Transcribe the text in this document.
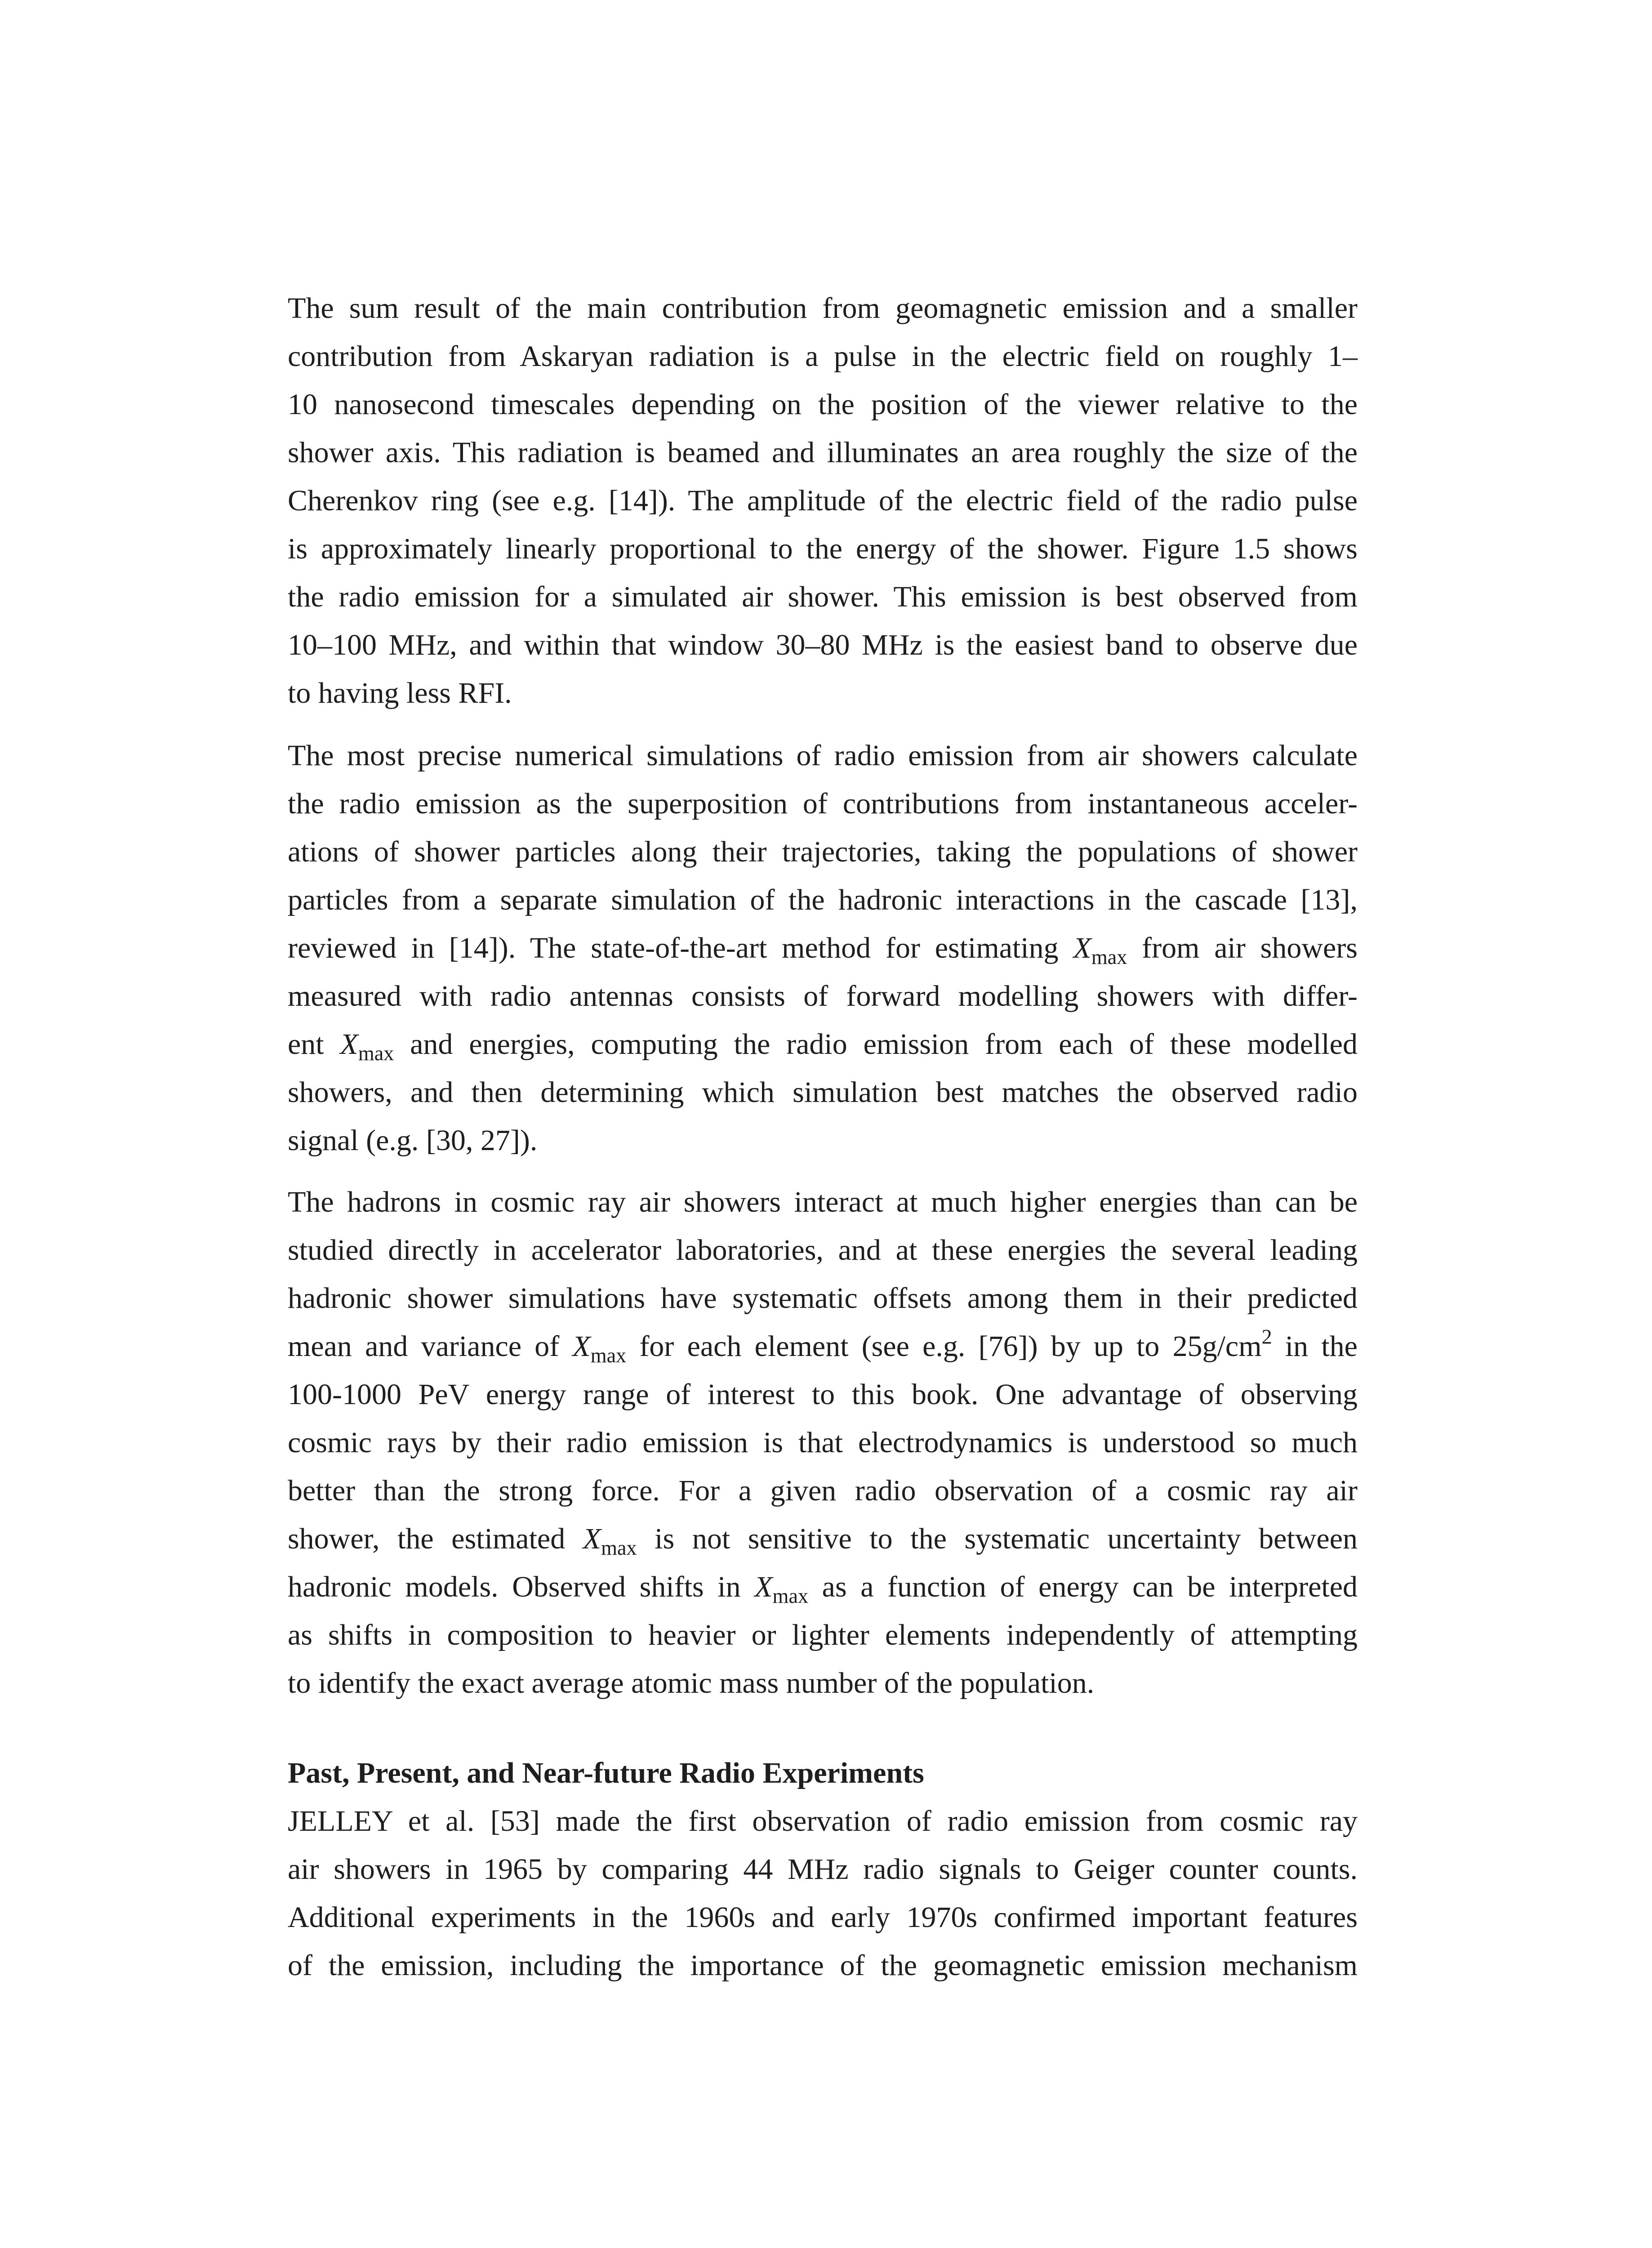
The sum result of the main contribution from geomagnetic emission and a smaller
contribution from Askaryan radiation is a pulse in the electric field on roughly 1–
10 nanosecond timescales depending on the position of the viewer relative to the
shower axis. This radiation is beamed and illuminates an area roughly the size of the
Cherenkov ring (see e.g. [14]). The amplitude of the electric field of the radio pulse
is approximately linearly proportional to the energy of the shower. Figure 1.5 shows
the radio emission for a simulated air shower. This emission is best observed from
10–100 MHz, and within that window 30–80 MHz is the easiest band to observe due
to having less RFI.

The most precise numerical simulations of radio emission from air showers calculate
the radio emission as the superposition of contributions from instantaneous acceler-
ations of shower particles along their trajectories, taking the populations of shower
particles from a separate simulation of the hadronic interactions in the cascade [13],
reviewed in [14]). The state-of-the-art method for estimating $X_{max}$ from air showers
measured with radio antennas consists of forward modelling showers with differ-
ent $X_{max}$ and energies, computing the radio emission from each of these modelled
showers, and then determining which simulation best matches the observed radio
signal (e.g. [30, 27]).

The hadrons in cosmic ray air showers interact at much higher energies than can be
studied directly in accelerator laboratories, and at these energies the several leading
hadronic shower simulations have systematic offsets among them in their predicted
mean and variance of $X_{max}$ for each element (see e.g. [76]) by up to $25g/cm^2$ in the
100-1000 PeV energy range of interest to this book. One advantage of observing
cosmic rays by their radio emission is that electrodynamics is understood so much
better than the strong force. For a given radio observation of a cosmic ray air
shower, the estimated $X_{max}$ is not sensitive to the systematic uncertainty between
hadronic models. Observed shifts in $X_{max}$ as a function of energy can be interpreted
as shifts in composition to heavier or lighter elements independently of attempting
to identify the exact average atomic mass number of the population.

Past, Present, and Near-future Radio Experiments

JELLEY et al. [53] made the first observation of radio emission from cosmic ray
air showers in 1965 by comparing 44 MHz radio signals to Geiger counter counts.
Additional experiments in the 1960s and early 1970s confirmed important features
of the emission, including the importance of the geomagnetic emission mechanism
